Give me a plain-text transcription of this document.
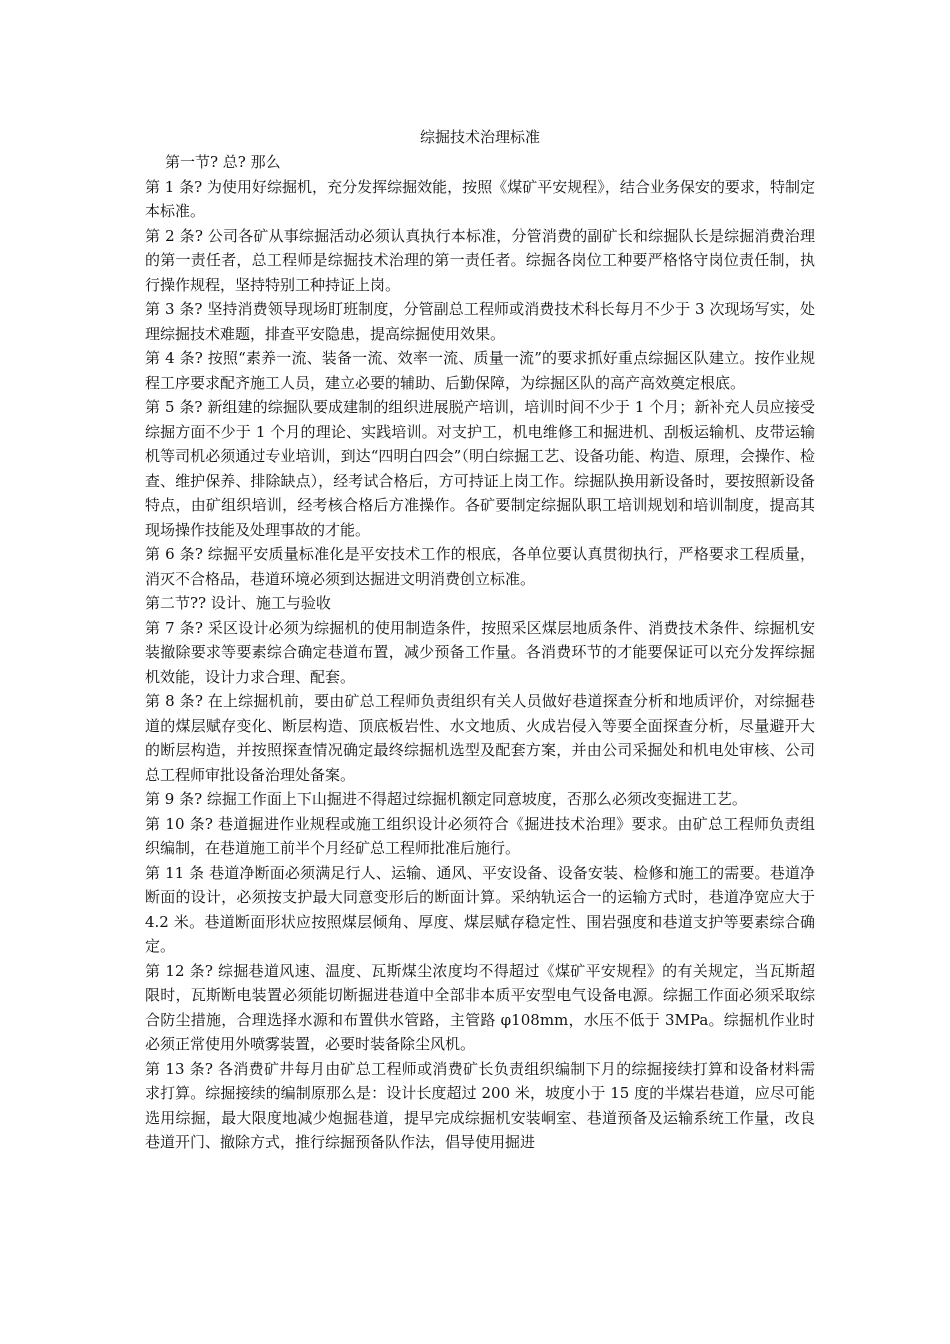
综掘技术治理标准

第一节? 总? 那么

第 1 条? 为使用好综掘机，充分发挥综掘效能，按照《煤矿平安规程》，结合业务保安的要求，特制定本标准。

第 2 条? 公司各矿从事综掘活动必须认真执行本标准，分管消费的副矿长和综掘队长是综掘消费治理的第一责任者，总工程师是综掘技术治理的第一责任者。综掘各岗位工种要严格恪守岗位责任制，执行操作规程，坚持特别工种持证上岗。

第 3 条? 坚持消费领导现场盯班制度，分管副总工程师或消费技术科长每月不少于 3 次现场写实，处理综掘技术难题，排查平安隐患，提高综掘使用效果。

第 4 条? 按照“素养一流、装备一流、效率一流、质量一流”的要求抓好重点综掘区队建立。按作业规程工序要求配齐施工人员，建立必要的辅助、后勤保障，为综掘区队的高产高效奠定根底。

第 5 条? 新组建的综掘队要成建制的组织进展脱产培训，培训时间不少于 1 个月；新补充人员应接受综掘方面不少于 1 个月的理论、实践培训。对支护工，机电维修工和掘进机、刮板运输机、皮带运输机等司机必须通过专业培训，到达“四明白四会”（明白综掘工艺、设备功能、构造、原理，会操作、检查、维护保养、排除缺点），经考试合格后，方可持证上岗工作。综掘队换用新设备时，要按照新设备特点，由矿组织培训，经考核合格后方准操作。各矿要制定综掘队职工培训规划和培训制度，提高其现场操作技能及处理事故的才能。

第 6 条? 综掘平安质量标准化是平安技术工作的根底，各单位要认真贯彻执行，严格要求工程质量，消灭不合格品，巷道环境必须到达掘进文明消费创立标准。

第二节?? 设计、施工与验收

第 7 条? 采区设计必须为综掘机的使用制造条件，按照采区煤层地质条件、消费技术条件、综掘机安装撤除要求等要素综合确定巷道布置，减少预备工作量。各消费环节的才能要保证可以充分发挥综掘机效能，设计力求合理、配套。

第 8 条? 在上综掘机前，要由矿总工程师负责组织有关人员做好巷道探查分析和地质评价，对综掘巷道的煤层赋存变化、断层构造、顶底板岩性、水文地质、火成岩侵入等要全面探查分析，尽量避开大的断层构造，并按照探查情况确定最终综掘机选型及配套方案，并由公司采掘处和机电处审核、公司总工程师审批设备治理处备案。

第 9 条? 综掘工作面上下山掘进不得超过综掘机额定同意坡度，否那么必须改变掘进工艺。

第 10 条? 巷道掘进作业规程或施工组织设计必须符合《掘进技术治理》要求。由矿总工程师负责组织编制，在巷道施工前半个月经矿总工程师批准后施行。

第 11 条 巷道净断面必须满足行人、运输、通风、平安设备、设备安装、检修和施工的需要。巷道净断面的设计，必须按支护最大同意变形后的断面计算。采纳轨运合一的运输方式时，巷道净宽应大于 4.2 米。巷道断面形状应按照煤层倾角、厚度、煤层赋存稳定性、围岩强度和巷道支护等要素综合确定。

第 12 条? 综掘巷道风速、温度、瓦斯煤尘浓度均不得超过《煤矿平安规程》的有关规定，当瓦斯超限时，瓦斯断电装置必须能切断掘进巷道中全部非本质平安型电气设备电源。综掘工作面必须采取综合防尘措施，合理选择水源和布置供水管路，主管路 φ108mm，水压不低于 3MPa。综掘机作业时必须正常使用外喷雾装置，必要时装备除尘风机。

第 13 条? 各消费矿井每月由矿总工程师或消费矿长负责组织编制下月的综掘接续打算和设备材料需求打算。综掘接续的编制原那么是：设计长度超过 200 米，坡度小于 15 度的半煤岩巷道，应尽可能选用综掘，最大限度地减少炮掘巷道，提早完成综掘机安装峒室、巷道预备及运输系统工作量，改良巷道开门、撤除方式，推行综掘预备队作法，倡导使用掘进
